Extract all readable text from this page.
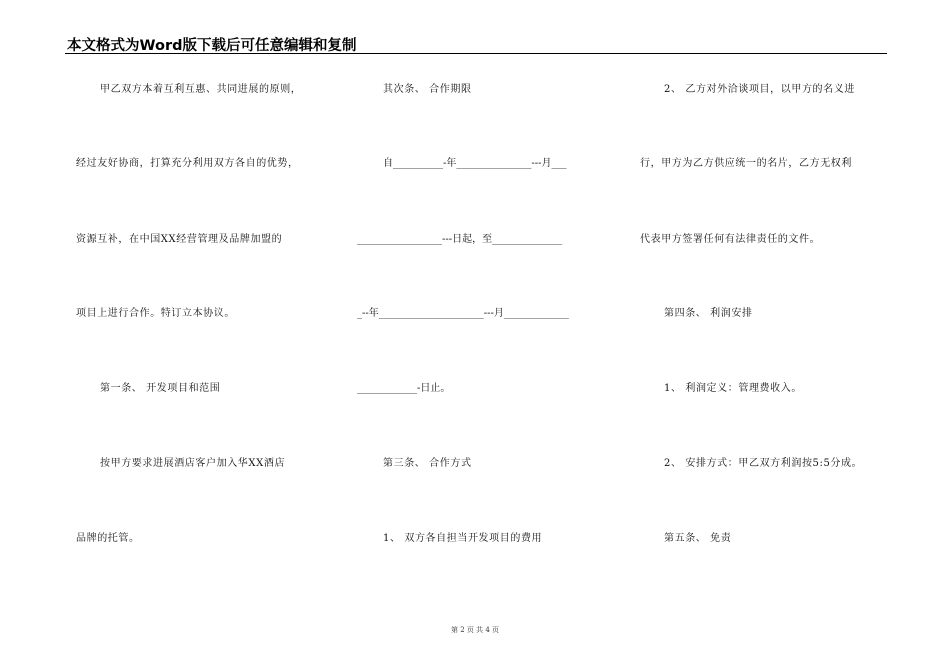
本文格式为Word版下载后可任意编辑和复制
甲乙双方本着互利互惠、共同进展的原则，
经过友好协商，打算充分利用双方各自的优势，
资源互补，在中国XX经营管理及品牌加盟的
项目上进行合作。特订立本协议。
第一条、 开发项目和范围
按甲方要求进展酒店客户加入华XX酒店
品牌的托管。
其次条、 合作期限
自__________-年_______________---月___
_________________---日起，至______________
_--年_____________________---月_____________
____________-日止。
第三条、 合作方式
1、 双方各自担当开发项目的费用
2、 乙方对外洽谈项目，以甲方的名义进
行，甲方为乙方供应统一的名片，乙方无权利
代表甲方签署任何有法律责任的文件。
第四条、 利润安排
1、 利润定义：管理费收入。
2、 安排方式：甲乙双方利润按5:5分成。
第五条、 免责
第 2 页 共 4 页
